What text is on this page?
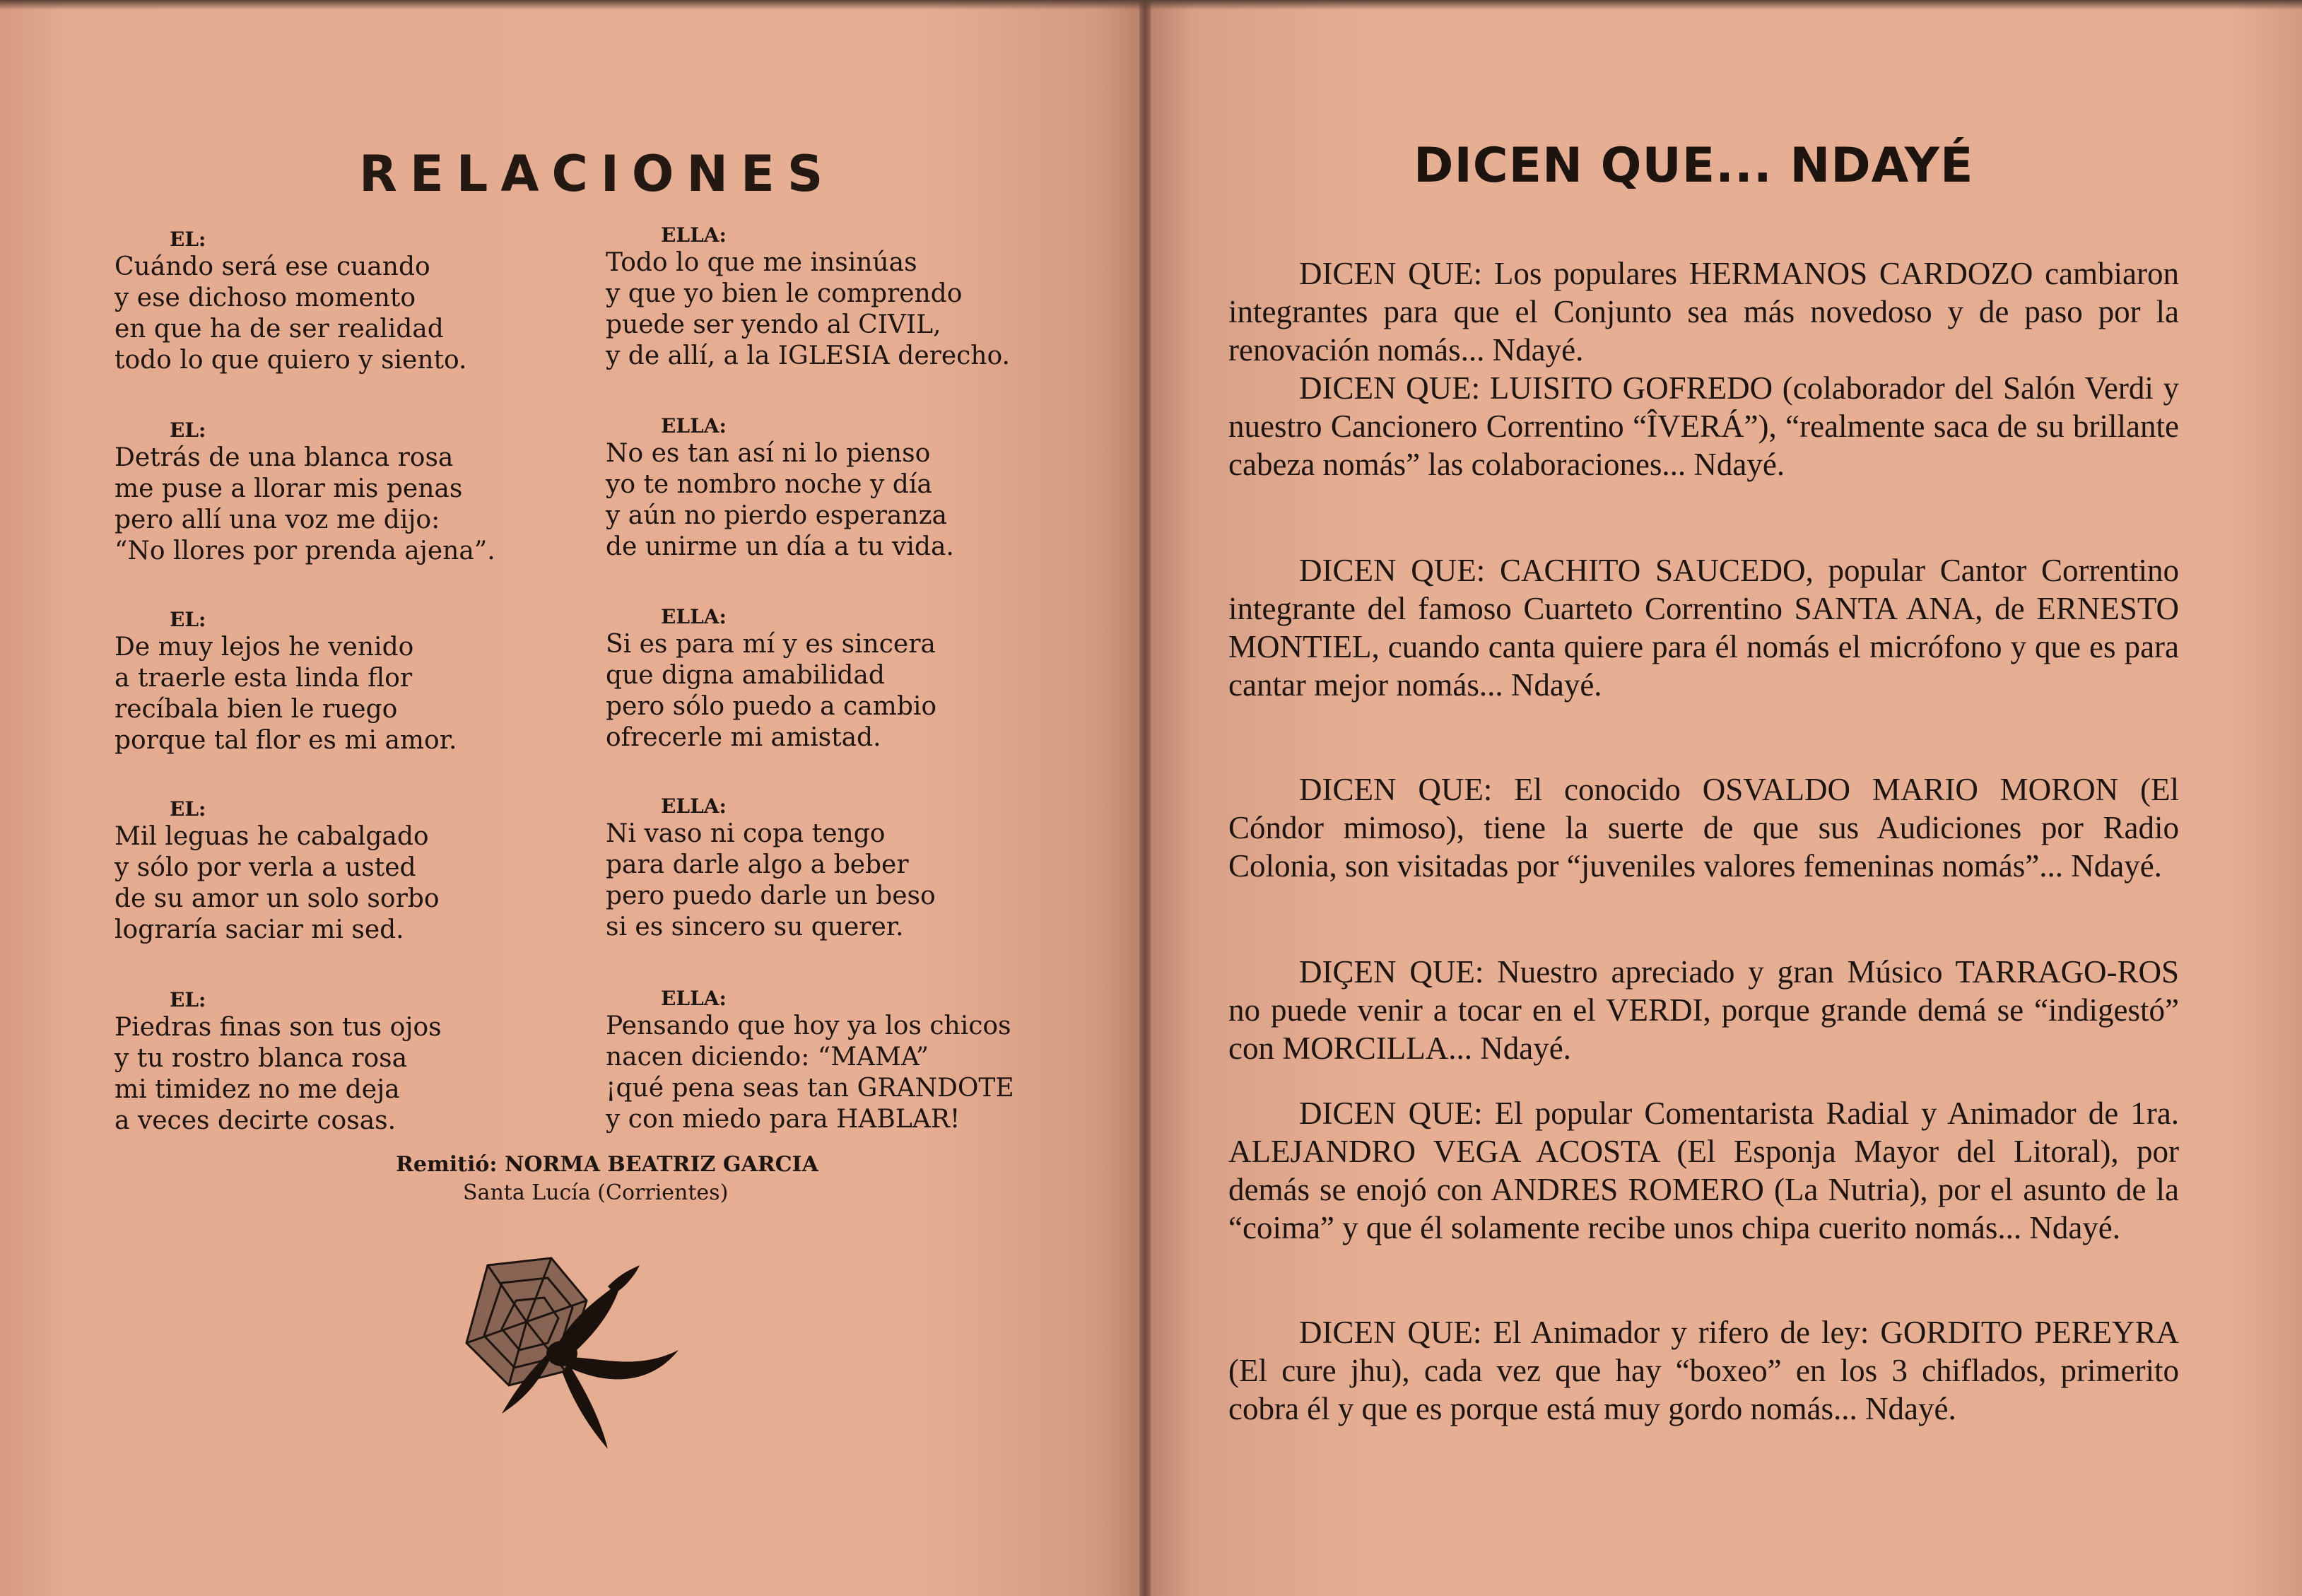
RELACIONES
EL:
Cuándo será ese cuando
y ese dichoso momento
en que ha de ser realidad
todo lo que quiero y siento.
EL:
Detrás de una blanca rosa
me puse a llorar mis penas
pero allí una voz me dijo:
“No llores por prenda ajena”.
EL:
De muy lejos he venido
a traerle esta linda flor
recíbala bien le ruego
porque tal flor es mi amor.
EL:
Mil leguas he cabalgado
y sólo por verla a usted
de su amor un solo sorbo
lograría saciar mi sed.
EL:
Piedras finas son tus ojos
y tu rostro blanca rosa
mi timidez no me deja
a veces decirte cosas.
ELLA:
Todo lo que me insinúas
y que yo bien le comprendo
puede ser yendo al CIVIL,
y de allí, a la IGLESIA derecho.
ELLA:
No es tan así ni lo pienso
yo te nombro noche y día
y aún no pierdo esperanza
de unirme un día a tu vida.
ELLA:
Si es para mí y es sincera
que digna amabilidad
pero sólo puedo a cambio
ofrecerle mi amistad.
ELLA:
Ni vaso ni copa tengo
para darle algo a beber
pero puedo darle un beso
si es sincero su querer.
ELLA:
Pensando que hoy ya los chicos
nacen diciendo: “MAMA”
¡qué pena seas tan GRANDOTE
y con miedo para HABLAR!
Remitió: NORMA BEATRIZ GARCIA
Santa Lucía (Corrientes)
DICEN QUE... NDAYÉ
DICEN QUE: Los populares HERMANOS CARDOZO cambiaron integrantes para que el Conjunto sea más novedoso y de paso por la renovación nomás... Ndayé.
DICEN QUE: LUISITO GOFREDO (colaborador del Salón Verdi y nuestro Cancionero Correntino “ÎVERÁ”), “realmente saca de su brillante cabeza nomás” las colaboraciones... Ndayé.
DICEN QUE: CACHITO SAUCEDO, popular Cantor Correntino integrante del famoso Cuarteto Correntino SANTA ANA, de ERNESTO MONTIEL, cuando canta quiere para él nomás el micrófono y que es para cantar mejor nomás... Ndayé.
DICEN QUE: El conocido OSVALDO MARIO MORON (El Cóndor mimoso), tiene la suerte de que sus Audiciones por Radio Colonia, son visitadas por “juveniles valores femeninas nomás”... Ndayé.
DIÇEN QUE: Nuestro apreciado y gran Músico TARRAGO-ROS no puede venir a tocar en el VERDI, porque grande demá se “indigestó” con MORCILLA... Ndayé.
DICEN QUE: El popular Comentarista Radial y Animador de 1ra. ALEJANDRO VEGA ACOSTA (El Esponja Mayor del Litoral), por demás se enojó con ANDRES ROMERO (La Nutria), por el asunto de la “coima” y que él solamente recibe unos chipa cuerito nomás... Ndayé.
DICEN QUE: El Animador y rifero de ley: GORDITO PEREYRA (El cure jhu), cada vez que hay “boxeo” en los 3 chiflados, primerito cobra él y que es porque está muy gordo nomás... Ndayé.
